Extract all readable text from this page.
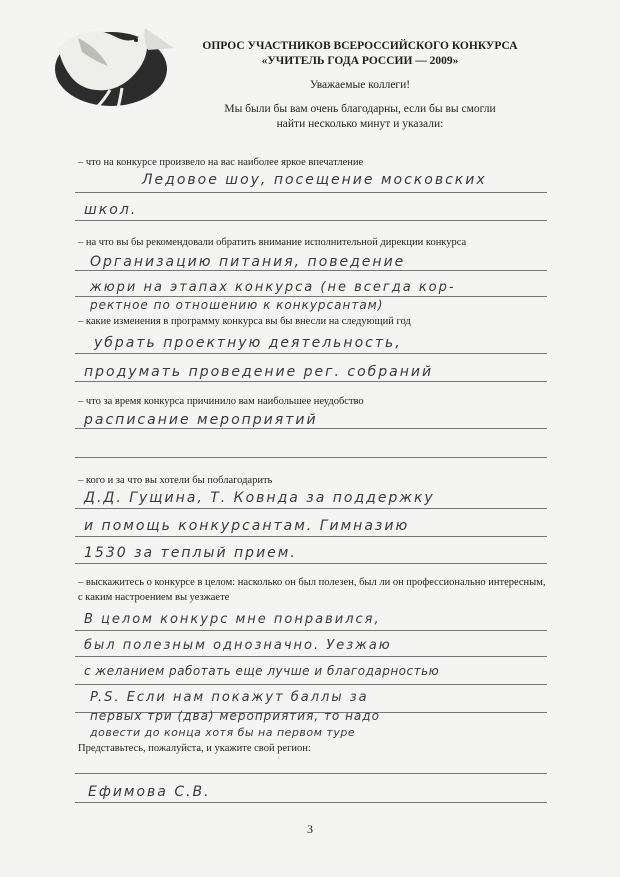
ОПРОС УЧАСТНИКОВ ВСЕРОССИЙСКОГО КОНКУРСА
«УЧИТЕЛЬ ГОДА РОССИИ — 2009»
Уважаемые коллеги!
Мы были бы вам очень благодарны, если бы вы смогли
найти несколько минут и указали:
– что на конкурсе произвело на вас наиболее яркое впечатление
Ледовое шоу, посещение московских
школ.
– на что вы бы рекомендовали обратить внимание исполнительной дирекции конкурса
Организацию питания, поведение
жюри на этапах конкурса (не всегда кор-
ректное по отношению к конкурсантам)
– какие изменения в программу конкурса вы бы внесли на следующий год
убрать проектную деятельность,
продумать проведение рег. собраний
– что за время конкурса причинило вам наибольшее неудобство
расписание мероприятий
– кого и за что вы хотели бы поблагодарить
Д.Д. Гущина, Т. Ковнда за поддержку
и помощь конкурсантам. Гимназию
1530 за теплый прием.
– выскажитесь о конкурсе в целом: насколько он был полезен, был ли он профессионально интересным, с каким настроением вы уезжаете
В целом конкурс мне понравился,
был полезным однозначно. Уезжаю
с желанием работать еще лучше и благодарностью
P.S. Если нам покажут баллы за
первых три (два) мероприятия, то надо
довести до конца хотя бы на первом туре
Представьтесь, пожалуйста, и укажите свой регион:
Ефимова С.В.
3
